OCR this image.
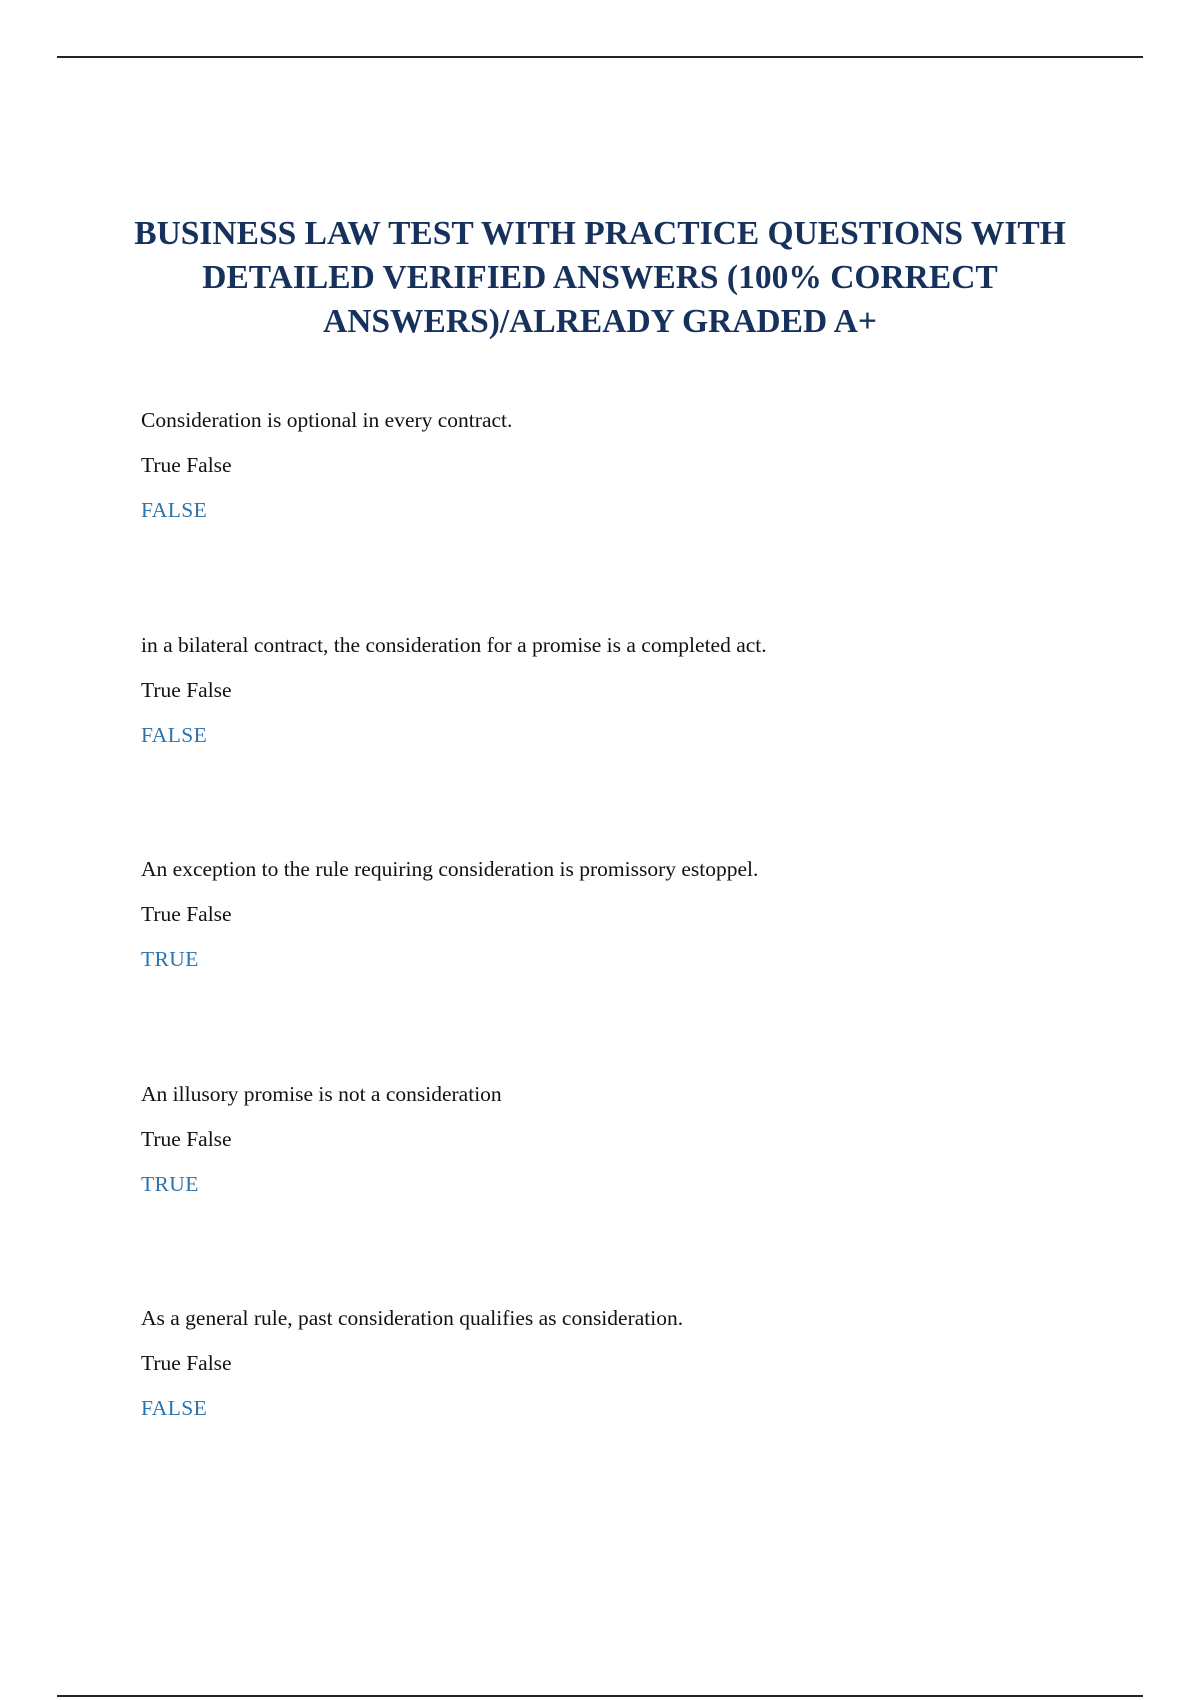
BUSINESS LAW TEST WITH PRACTICE QUESTIONS WITH DETAILED VERIFIED ANSWERS (100% CORRECT ANSWERS)/ALREADY GRADED A+

Consideration is optional in every contract.

True False

FALSE

in a bilateral contract, the consideration for a promise is a completed act.

True False

FALSE

An exception to the rule requiring consideration is promissory estoppel.

True False

TRUE

An illusory promise is not a consideration

True False

TRUE

As a general rule, past consideration qualifies as consideration.

True False

FALSE
